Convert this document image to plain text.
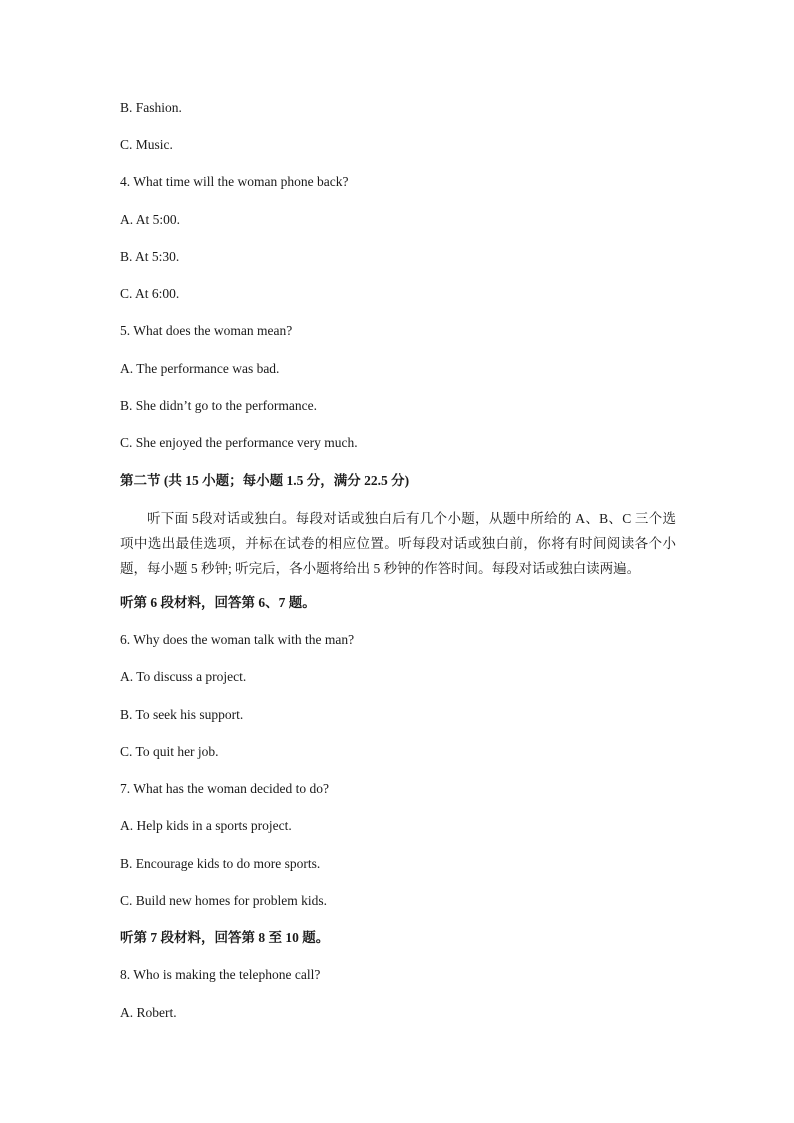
B. Fashion.
C. Music.
4. What time will the woman phone back?
A. At 5:00.
B. At 5:30.
C. At 6:00.
5. What does the woman mean?
A. The performance was bad.
B. She didn’t go to the performance.
C. She enjoyed the performance very much.
第二节 (共 15 小题；每小题 1.5 分，满分 22.5 分)
听下面 5段对话或独白。每段对话或独白后有几个小题，从题中所给的 A、B、C 三个选项中选出最佳选项，并标在试卷的相应位置。听每段对话或独白前，你将有时间阅读各个小题，每小题 5 秒钟; 听完后，各小题将给出 5 秒钟的作答时间。每段对话或独白读两遍。
听第 6 段材料，回答第 6、7 题。
6. Why does the woman talk with the man?
A. To discuss a project.
B. To seek his support.
C. To quit her job.
7. What has the woman decided to do?
A. Help kids in a sports project.
B. Encourage kids to do more sports.
C. Build new homes for problem kids.
听第 7 段材料，回答第 8 至 10 题。
8. Who is making the telephone call?
A. Robert.
